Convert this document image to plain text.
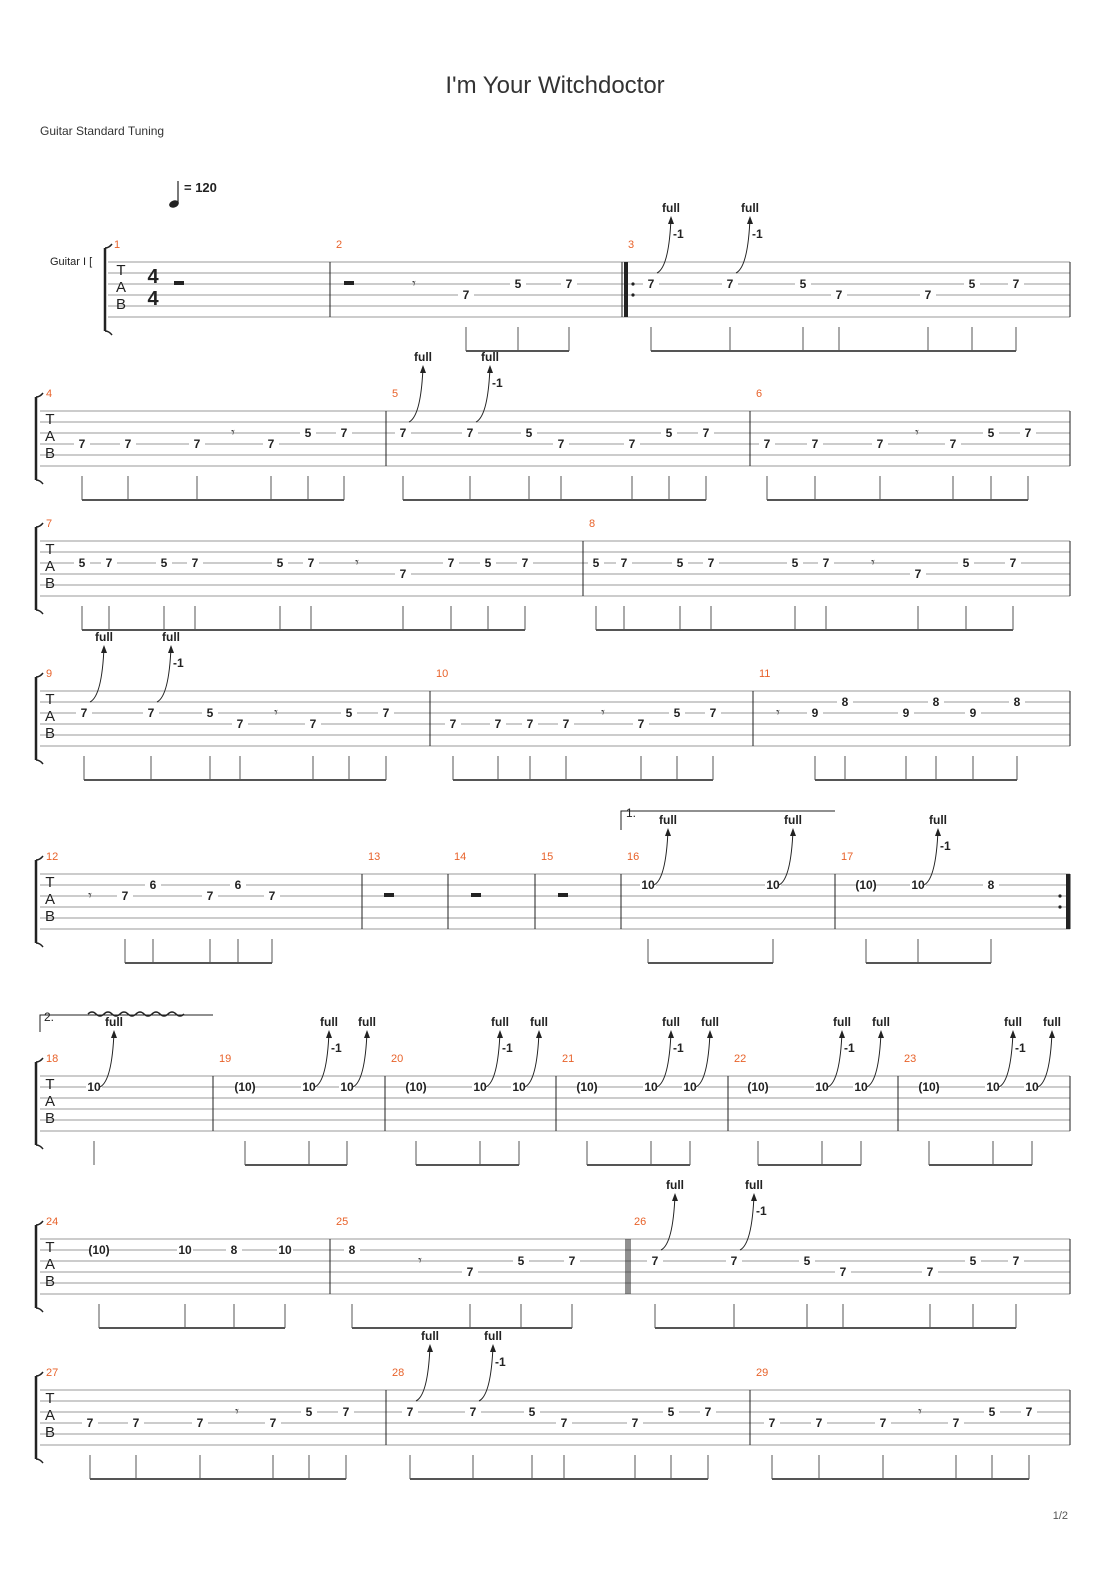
I'm Your Witchdoctor
Guitar Standard Tuning
= 120
1/2
T
A
B
4
4
Guitar I [
1	2
7
5	7
𝄾
3
7	7	5
7	7
5	7
full
-1
full
-1
T
A
B
4
7	7	7	7
5 7
𝄾
5
7	7	5
7	7
5	7
full	full
-1
6
7	7	7	7
5	7
𝄾
T
A
B
7
5 7	5 7	5 7
7
7	5	7
𝄾
8
5 7	5 7	5 7
7
5	7
𝄾
T
A
B
9
7	7	5
7	7
5	7
𝄾
full	full
-1
10
7	7 7 7	7
5 7
𝄾
11
9
8
9
8
9
8
𝄾
T
A
B
12
7
6
7
6
7
𝄾
13	14	15	16
10	10
full	full
17
(10)	10	8
full
-1
T
A
B
18
10
full
19
(10)	10 10
full
-1
full
20
(10)	10 10
full
-1
full
21
(10)	10 10
full
-1
full
22
(10)	10 10
full
-1
full
23
(10)	10 10
full
-1
full
T
A
B
24
(10)	10	8	10
25
8
7
5	7
𝄾
26
7	7	5
7	7
5	7
full	full
-1
T
A
B
27
7	7	7	7
5	7
𝄾
28
7	7	5
7	7
5	7
full	full
-1
29
7	7	7	7
5	7
𝄾
1.
2.
